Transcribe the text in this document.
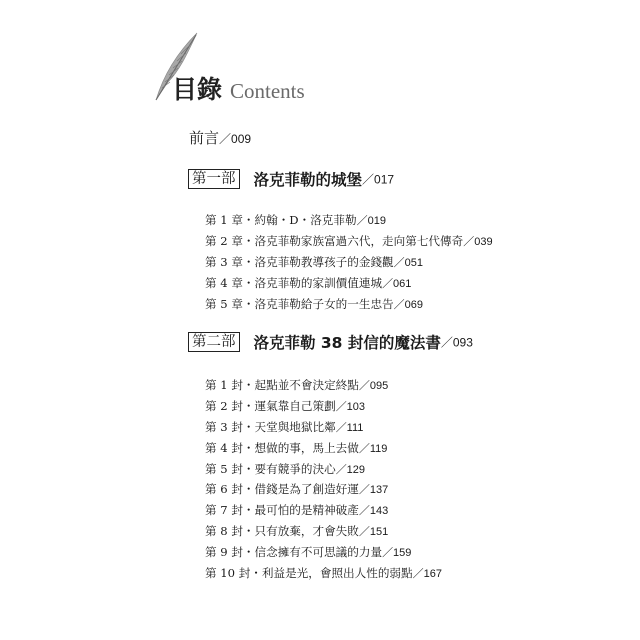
目錄 Contents
前言／009
第一部 洛克菲勒的城堡／017
第 1 章・約翰・D・洛克菲勒／019
第 2 章・洛克菲勒家族富過六代，走向第七代傳奇／039
第 3 章・洛克菲勒教導孩子的金錢觀／051
第 4 章・洛克菲勒的家訓價值連城／061
第 5 章・洛克菲勒給子女的一生忠告／069
第二部 洛克菲勒 38 封信的魔法書／093
第 1 封・起點並不會決定終點／095
第 2 封・運氣靠自己策劃／103
第 3 封・天堂與地獄比鄰／111
第 4 封・想做的事，馬上去做／119
第 5 封・要有競爭的決心／129
第 6 封・借錢是為了創造好運／137
第 7 封・最可怕的是精神破產／143
第 8 封・只有放棄，才會失敗／151
第 9 封・信念擁有不可思議的力量／159
第 10 封・利益是光，會照出人性的弱點／167
